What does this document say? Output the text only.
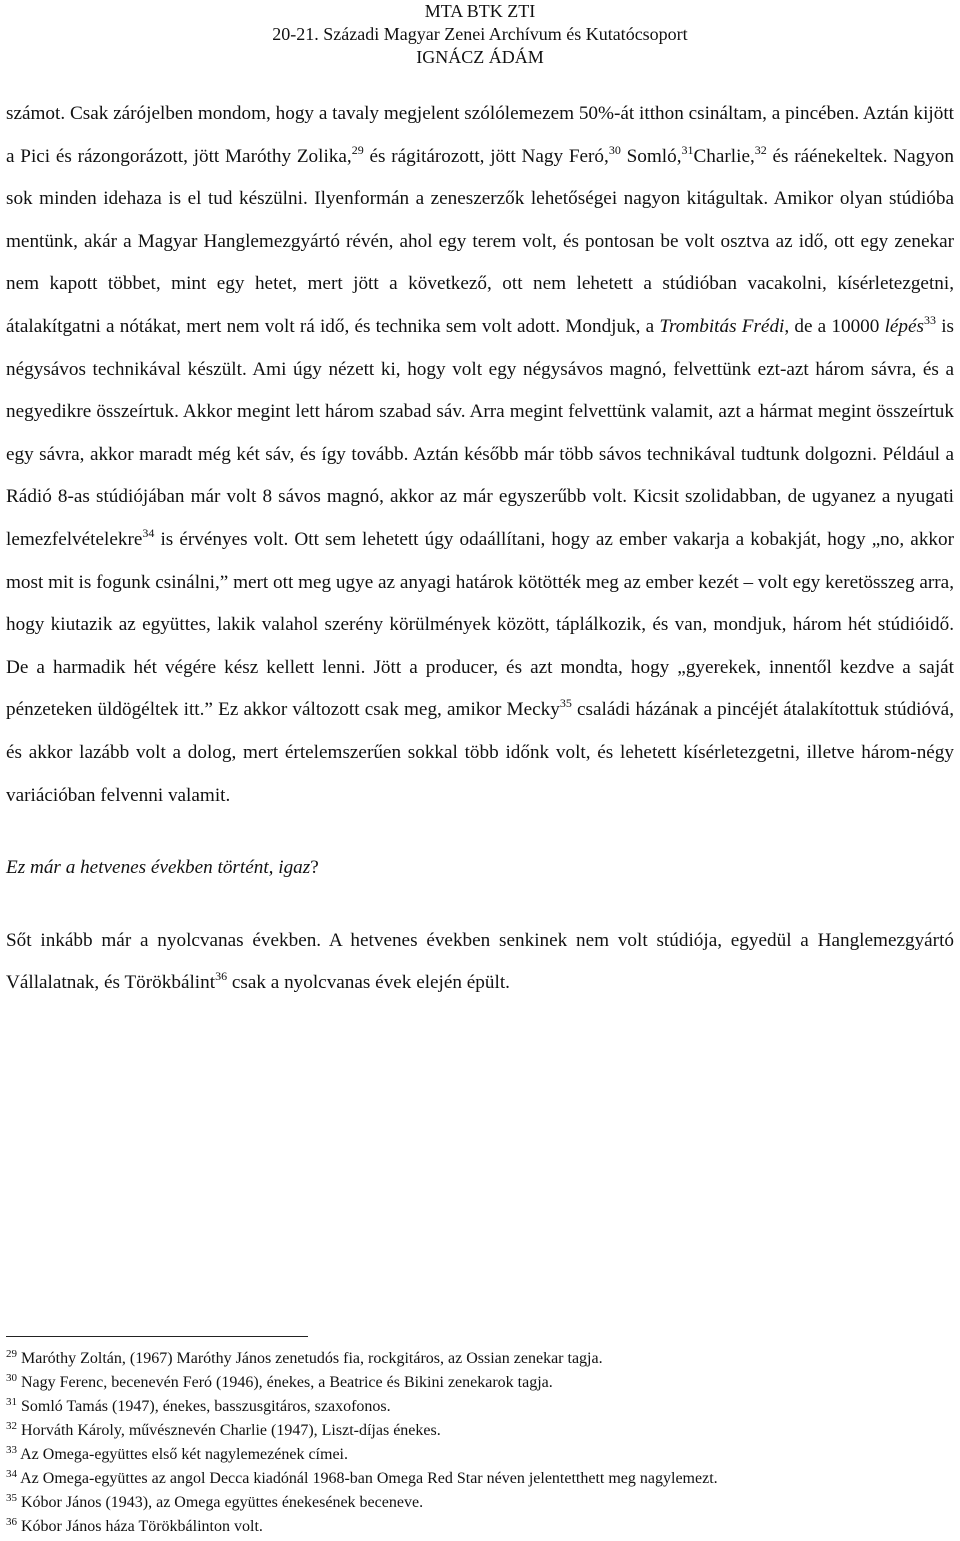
MTA BTK ZTI
20-21. Századi Magyar Zenei Archívum és Kutatócsoport
IGNÁCZ ÁDÁM

számot. Csak zárójelben mondom, hogy a tavaly megjelent szólólemezem 50%-át itthon csináltam, a pincében. Aztán kijött a Pici és rázongorázott, jött Maróthy Zolika,$^{29}$ és rágitározott, jött Nagy Feró,$^{30}$ Somló,$^{31}$Charlie,$^{32}$ és ráénekeltek. Nagyon sok minden idehaza is el tud készülni. Ilyenformán a zeneszerzők lehetőségei nagyon kitágultak. Amikor olyan stúdióba mentünk, akár a Magyar Hanglemezgyártó révén, ahol egy terem volt, és pontosan be volt osztva az idő, ott egy zenekar nem kapott többet, mint egy hetet, mert jött a következő, ott nem lehetett a stúdióban vacakolni, kísérletezgetni, átalakítgatni a nótákat, mert nem volt rá idő, és technika sem volt adott. Mondjuk, a Trombitás Frédi, de a 10000 lépés$^{33}$ is négysávos technikával készült. Ami úgy nézett ki, hogy volt egy négysávos magnó, felvettünk ezt-azt három sávra, és a negyedikre összeírtuk. Akkor megint lett három szabad sáv. Arra megint felvettünk valamit, azt a hármat megint összeírtuk egy sávra, akkor maradt még két sáv, és így tovább. Aztán később már több sávos technikával tudtunk dolgozni. Például a Rádió 8-as stúdiójában már volt 8 sávos magnó, akkor az már egyszerűbb volt. Kicsit szolidabban, de ugyanez a nyugati lemezfelvételekre$^{34}$ is érvényes volt. Ott sem lehetett úgy odaállítani, hogy az ember vakarja a kobakját, hogy „no, akkor most mit is fogunk csinálni,” mert ott meg ugye az anyagi határok kötötték meg az ember kezét – volt egy keretösszeg arra, hogy kiutazik az együttes, lakik valahol szerény körülmények között, táplálkozik, és van, mondjuk, három hét stúdióidő. De a harmadik hét végére kész kellett lenni. Jött a producer, és azt mondta, hogy „gyerekek, innentől kezdve a saját pénzeteken üldögéltek itt.” Ez akkor változott csak meg, amikor Mecky$^{35}$ családi házának a pincéjét átalakítottuk stúdióvá, és akkor lazább volt a dolog, mert értelemszerűen sokkal több időnk volt, és lehetett kísérletezgetni, illetve három-négy variációban felvenni valamit.

Ez már a hetvenes években történt, igaz?

Sőt inkább már a nyolcvanas években. A hetvenes években senkinek nem volt stúdiója, egyedül a Hanglemezgyártó Vállalatnak, és Törökbálint$^{36}$ csak a nyolcvanas évek elején épült.

$^{29}$ Maróthy Zoltán, (1967) Maróthy János zenetudós fia, rockgitáros, az Ossian zenekar tagja.
$^{30}$ Nagy Ferenc, becenevén Feró (1946), énekes, a Beatrice és Bikini zenekarok tagja.
$^{31}$ Somló Tamás (1947), énekes, basszusgitáros, szaxofonos.
$^{32}$ Horváth Károly, művésznevén Charlie (1947), Liszt-díjas énekes.
$^{33}$ Az Omega-együttes első két nagylemezének címei.
$^{34}$ Az Omega-együttes az angol Decca kiadónál 1968-ban Omega Red Star néven jelentetthett meg nagylemezt.
$^{35}$ Kóbor János (1943), az Omega együttes énekesének beceneve.
$^{36}$ Kóbor János háza Törökbálinton volt.
